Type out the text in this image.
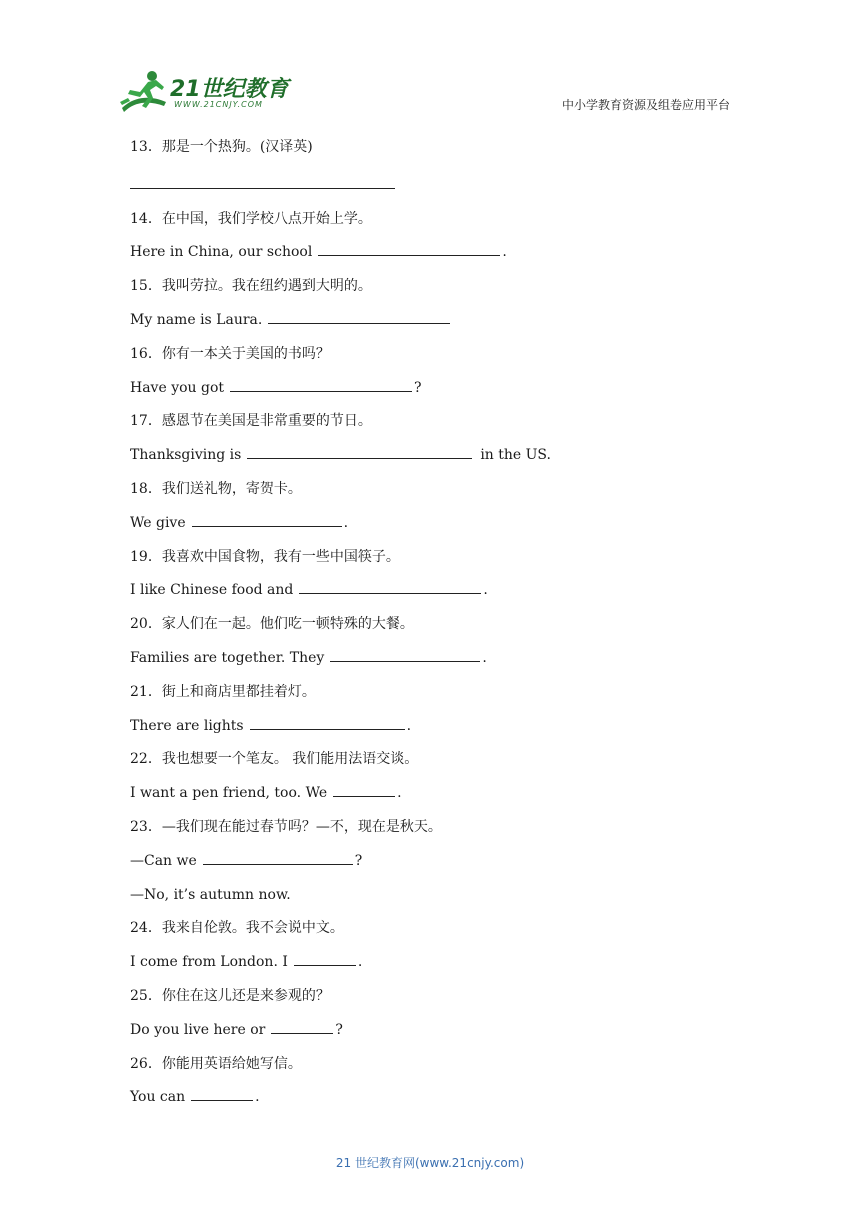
21世纪教育
WWW.21CNJY.COM	中小学教育资源及组卷应用平台
13．那是一个热狗。(汉译英)
14．在中国，我们学校八点开始上学。
Here in China, our school	.
15．我叫劳拉。我在纽约遇到大明的。
My name is Laura.
16．你有一本关于美国的书吗？
Have you got	?
17．感恩节在美国是非常重要的节日。
Thanksgiving is	in the US.
18．我们送礼物，寄贺卡。
We give	.
19．我喜欢中国食物，我有一些中国筷子。
I like Chinese food and	.
20．家人们在一起。他们吃一顿特殊的大餐。
Families are together. They	.
21．街上和商店里都挂着灯。
There are lights	.
22．我也想要一个笔友。 我们能用法语交谈。
I want a pen friend, too. We	.
23．—我们现在能过春节吗？—不，现在是秋天。
—Can we	?
—No, it’s autumn now.
24．我来自伦敦。我不会说中文。
I come from London. I	.
25．你住在这儿还是来参观的？
Do you live here or	?
26．你能用英语给她写信。
You can	.
21 世纪教育网(www.21cnjy.com)
